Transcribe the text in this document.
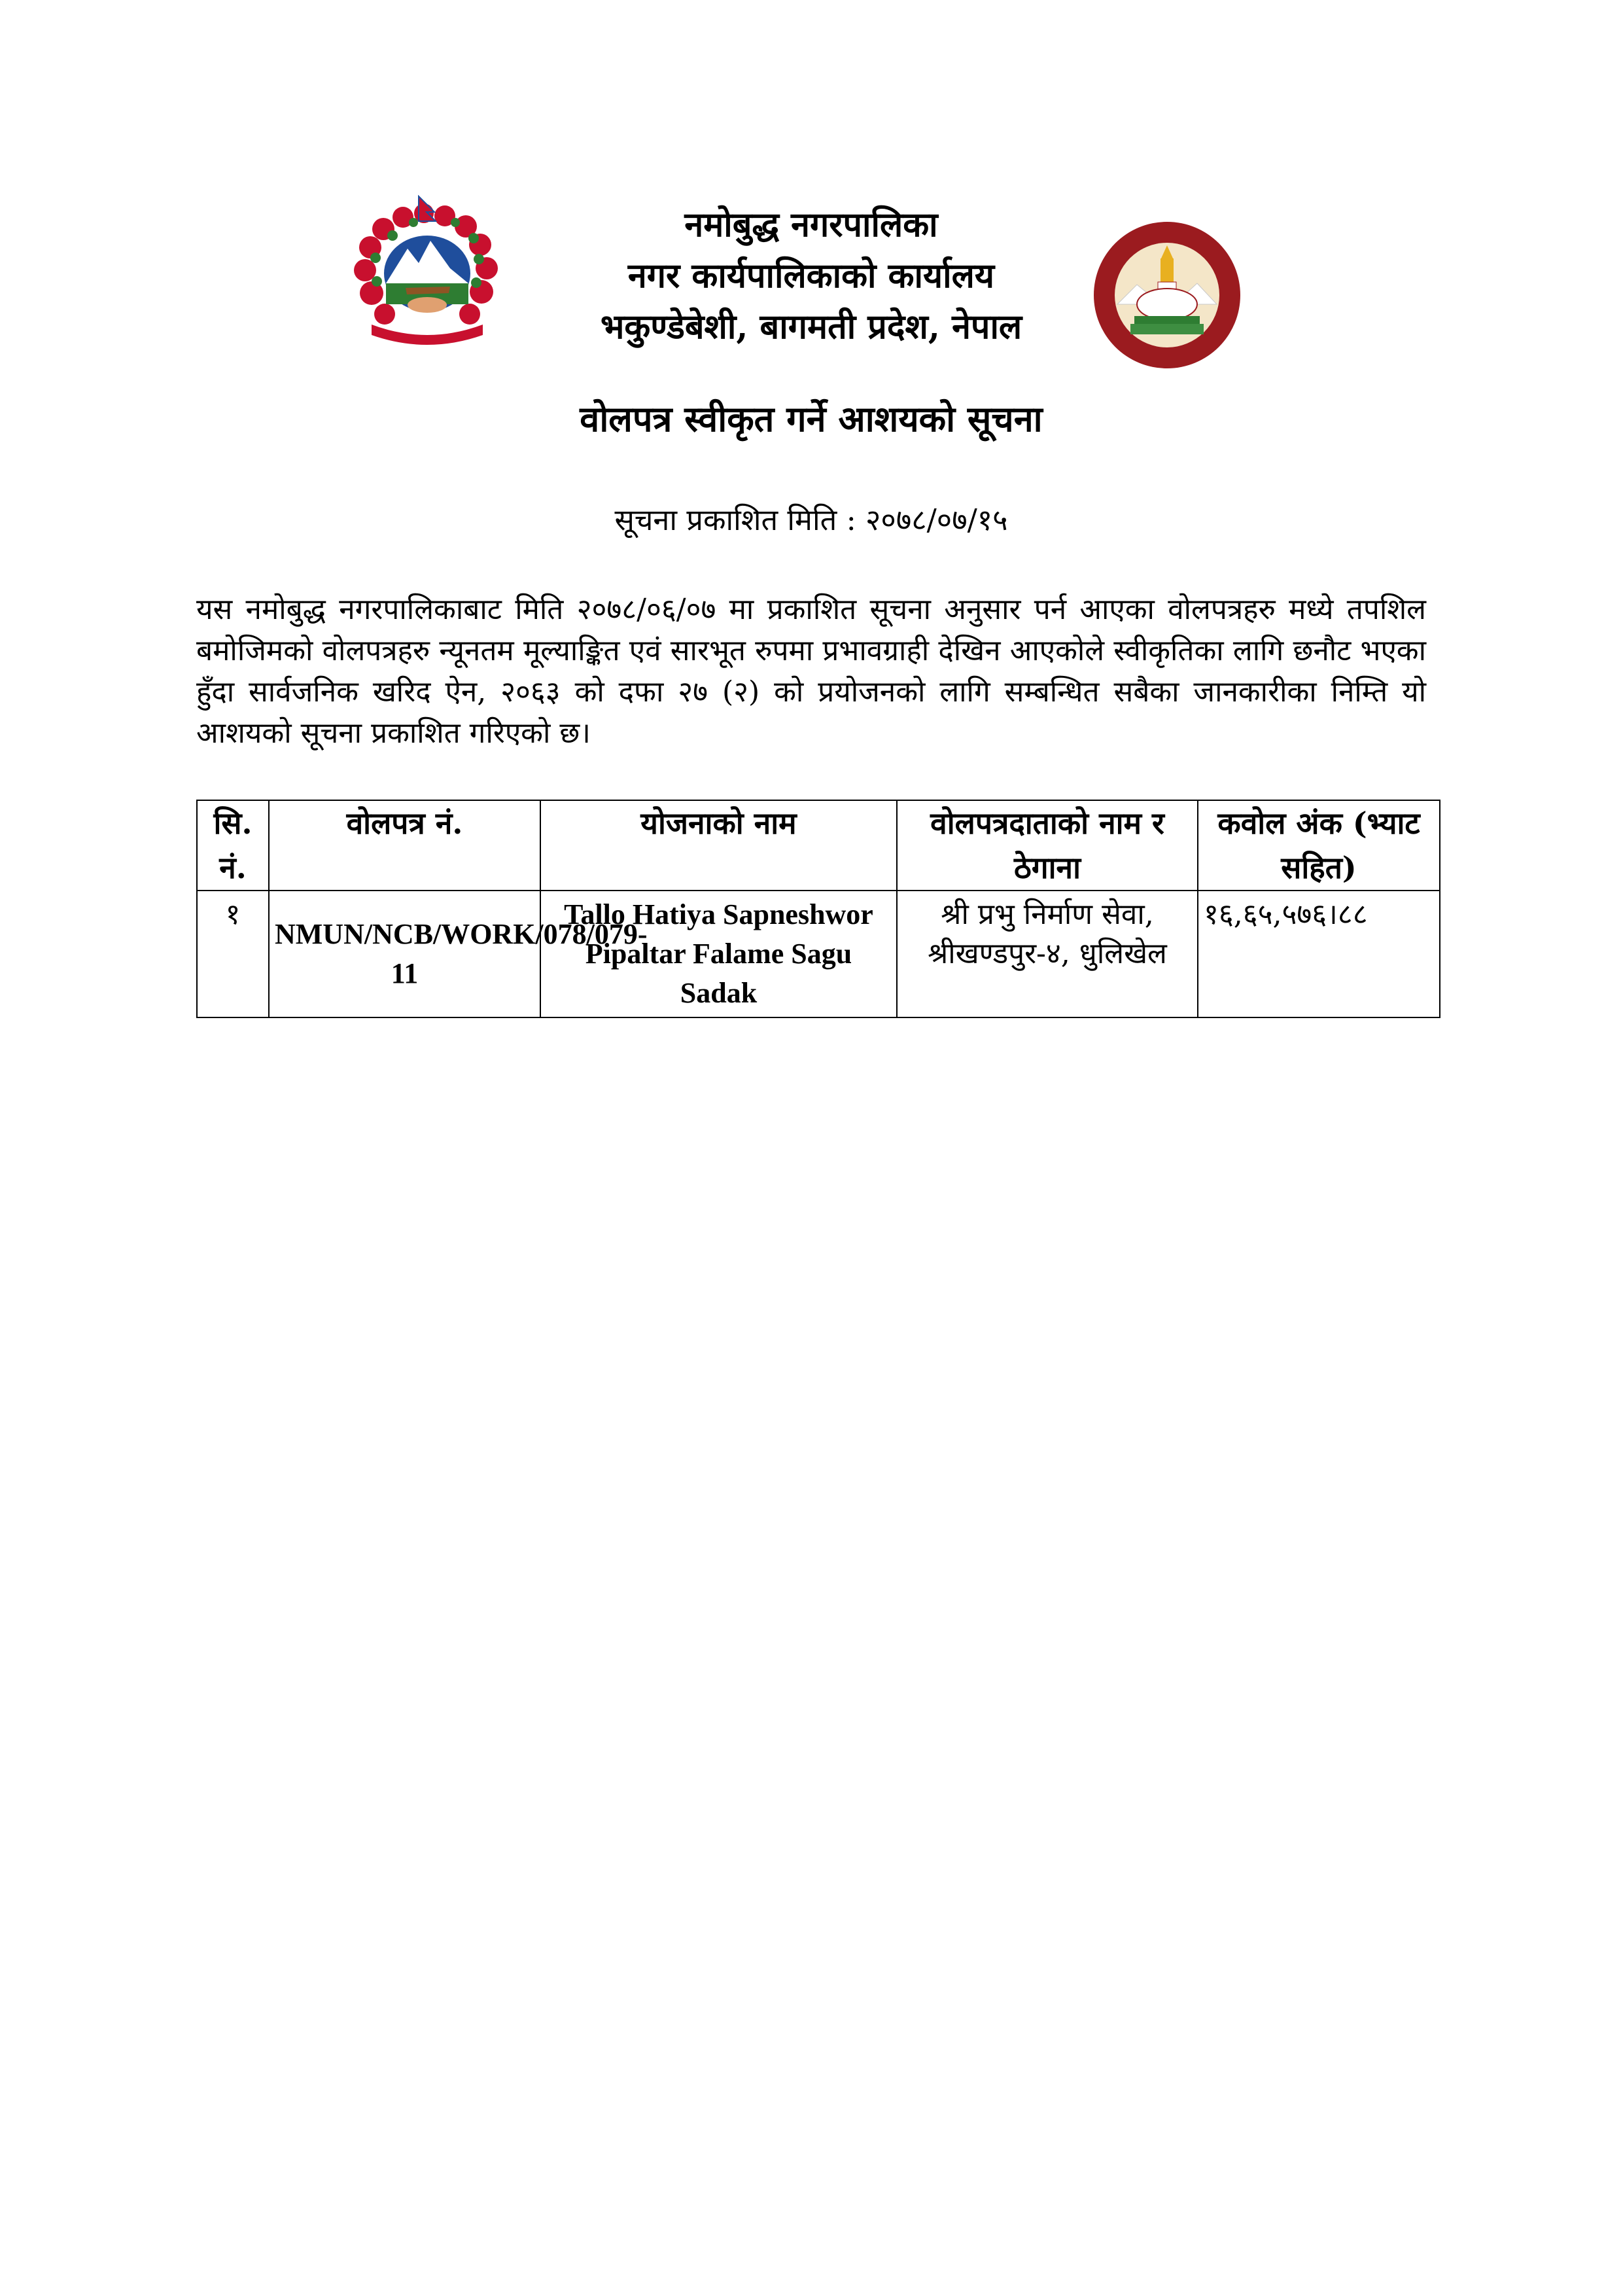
नमोबुद्ध नगरपालिका
नगर कार्यपालिकाको कार्यालय
भकुण्डेबेशी, बागमती प्रदेश, नेपाल
वोलपत्र स्वीकृत गर्ने आशयको सूचना
सूचना प्रकाशित मिति : २०७८/०७/१५
यस नमोबुद्ध नगरपालिकाबाट मिति २०७८/०६/०७ मा प्रकाशित सूचना अनुसार पर्न आएका वोलपत्रहरु मध्ये तपशिल बमोजिमको वोलपत्रहरु न्यूनतम मूल्याङ्कित एवं सारभूत रुपमा प्रभावग्राही देखिन आएकोले स्वीकृतिका लागि छनौट भएका हुँदा सार्वजनिक खरिद ऐन, २०६३ को दफा २७ (२) को प्रयोजनको लागि सम्बन्धित सबैका जानकारीका निम्ति यो आशयको सूचना प्रकाशित गरिएको छ।
सि. नं.	वोलपत्र नं.	योजनाको नाम	वोलपत्रदाताको नाम र ठेगाना	कवोल अंक (भ्याट सहित)
१	NMUN/NCB/WORK/078/079-11	Tallo Hatiya Sapneshwor Pipaltar Falame Sagu Sadak	श्री प्रभु निर्माण सेवा, श्रीखण्डपुर-४, धुलिखेल	१६,६५,५७६।८८
